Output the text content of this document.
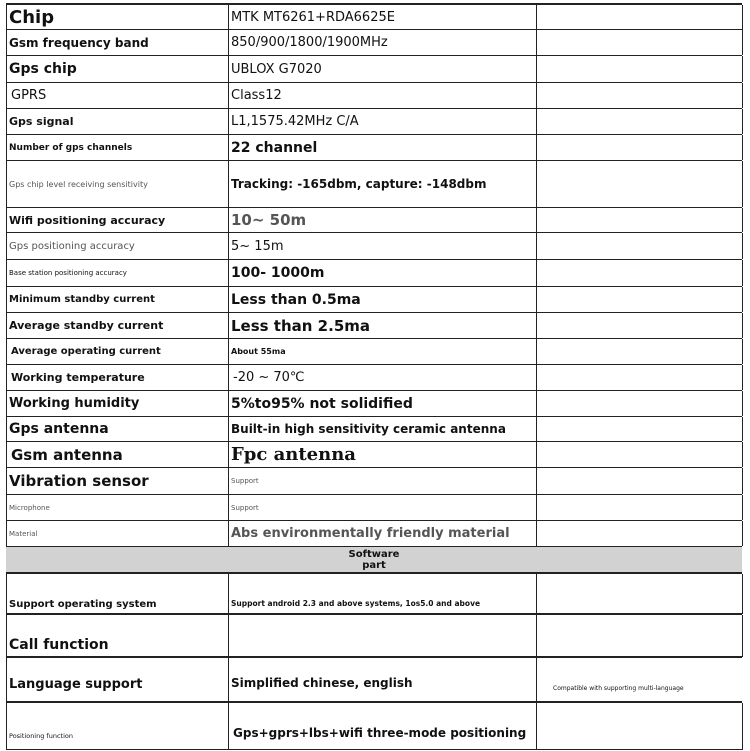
Chip	MTK MT6261+RDA6625E
Gsm frequency band	850/900/1800/1900MHz
Gps chip	UBLOX G7020
GPRS	Class12
Gps signal	L1,1575.42MHz C/A
Number of gps channels	22 channel
Gps chip level receiving sensitivity	Tracking: -165dbm, capture: -148dbm
Wifi positioning accuracy	10~ 50m
Gps positioning accuracy	5~ 15m
Base station positioning accuracy	100- 1000m
Minimum standby current	Less than 0.5ma
Average standby current	Less than 2.5ma
Average operating current	About 55ma
Working temperature	-20 ~ 70℃
Working humidity	5%to95% not solidified
Gps antenna	Built-in high sensitivity ceramic antenna
Gsm antenna	Fpc antenna
Vibration sensor	Support
Microphone	Support
Material	Abs environmentally friendly material
Software part
Support operating system	Support android 2.3 and above systems, 1os5.0 and above
Call function
Language support	Simplified chinese, english	Compatible with supporting multi-language
Positioning function	Gps+gprs+lbs+wifi three-mode positioning
